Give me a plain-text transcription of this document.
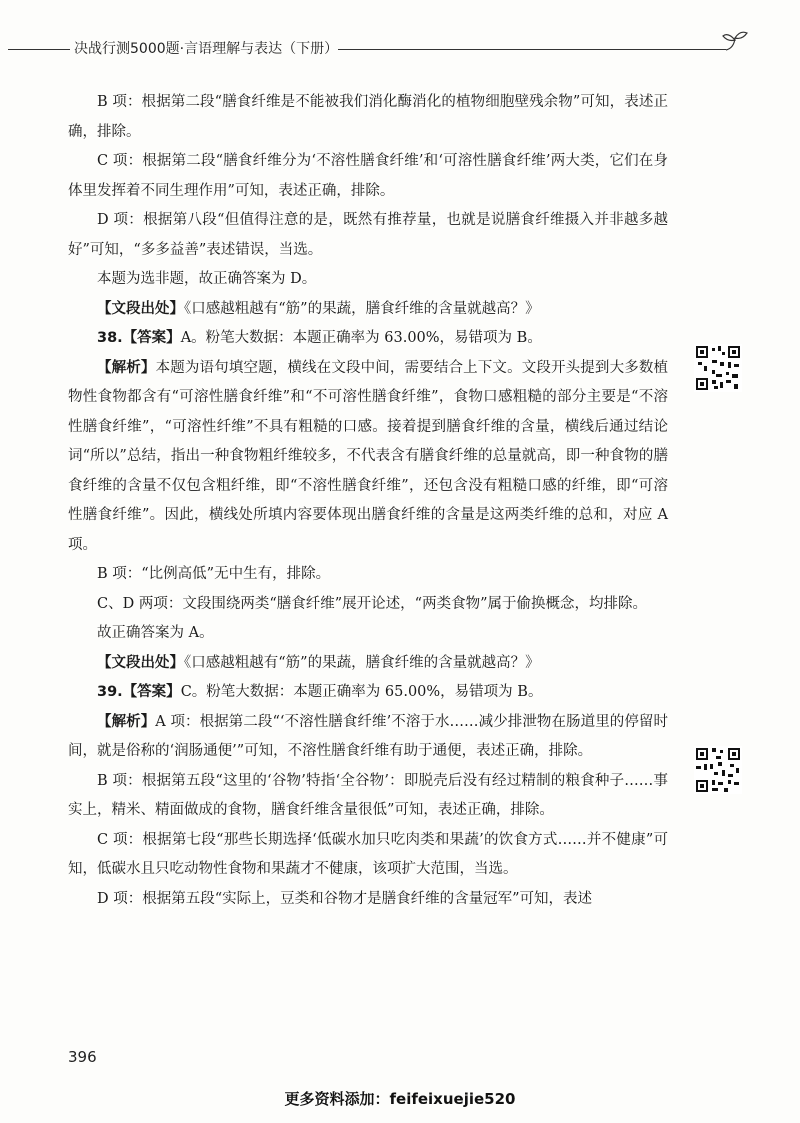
决战行测5000题·言语理解与表达（下册）

B 项：根据第二段“膳食纤维是不能被我们消化酶消化的植物细胞壁残余物”可知，表述正确，排除。

C 项：根据第二段“膳食纤维分为‘不溶性膳食纤维’和‘可溶性膳食纤维’两大类，它们在身体里发挥着不同生理作用”可知，表述正确，排除。

D 项：根据第八段“但值得注意的是，既然有推荐量，也就是说膳食纤维摄入并非越多越好”可知，“多多益善”表述错误，当选。

本题为选非题，故正确答案为 D。

【文段出处】《口感越粗越有“筋”的果蔬，膳食纤维的含量就越高？》

38.【答案】A。粉笔大数据：本题正确率为 63.00%，易错项为 B。

【解析】本题为语句填空题，横线在文段中间，需要结合上下文。文段开头提到大多数植物性食物都含有“可溶性膳食纤维”和“不可溶性膳食纤维”，食物口感粗糙的部分主要是“不溶性膳食纤维”，“可溶性纤维”不具有粗糙的口感。接着提到膳食纤维的含量，横线后通过结论词“所以”总结，指出一种食物粗纤维较多，不代表含有膳食纤维的总量就高，即一种食物的膳食纤维的含量不仅包含粗纤维，即“不溶性膳食纤维”，还包含没有粗糙口感的纤维，即“可溶性膳食纤维”。因此，横线处所填内容要体现出膳食纤维的含量是这两类纤维的总和，对应 A 项。

B 项：“比例高低”无中生有，排除。

C、D 两项：文段围绕两类“膳食纤维”展开论述，“两类食物”属于偷换概念，均排除。

故正确答案为 A。

【文段出处】《口感越粗越有“筋”的果蔬，膳食纤维的含量就越高？》

39.【答案】C。粉笔大数据：本题正确率为 65.00%，易错项为 B。

【解析】A 项：根据第二段“‘不溶性膳食纤维’不溶于水……减少排泄物在肠道里的停留时间，就是俗称的‘润肠通便’”可知，不溶性膳食纤维有助于通便，表述正确，排除。

B 项：根据第五段“这里的‘谷物’特指‘全谷物’：即脱壳后没有经过精制的粮食种子……事实上，精米、精面做成的食物，膳食纤维含量很低”可知，表述正确，排除。

C 项：根据第七段“那些长期选择‘低碳水加只吃肉类和果蔬’的饮食方式……并不健康”可知，低碳水且只吃动物性食物和果蔬才不健康，该项扩大范围，当选。

D 项：根据第五段“实际上，豆类和谷物才是膳食纤维的含量冠军”可知，表述

396
更多资料添加：feifeixuejie520
